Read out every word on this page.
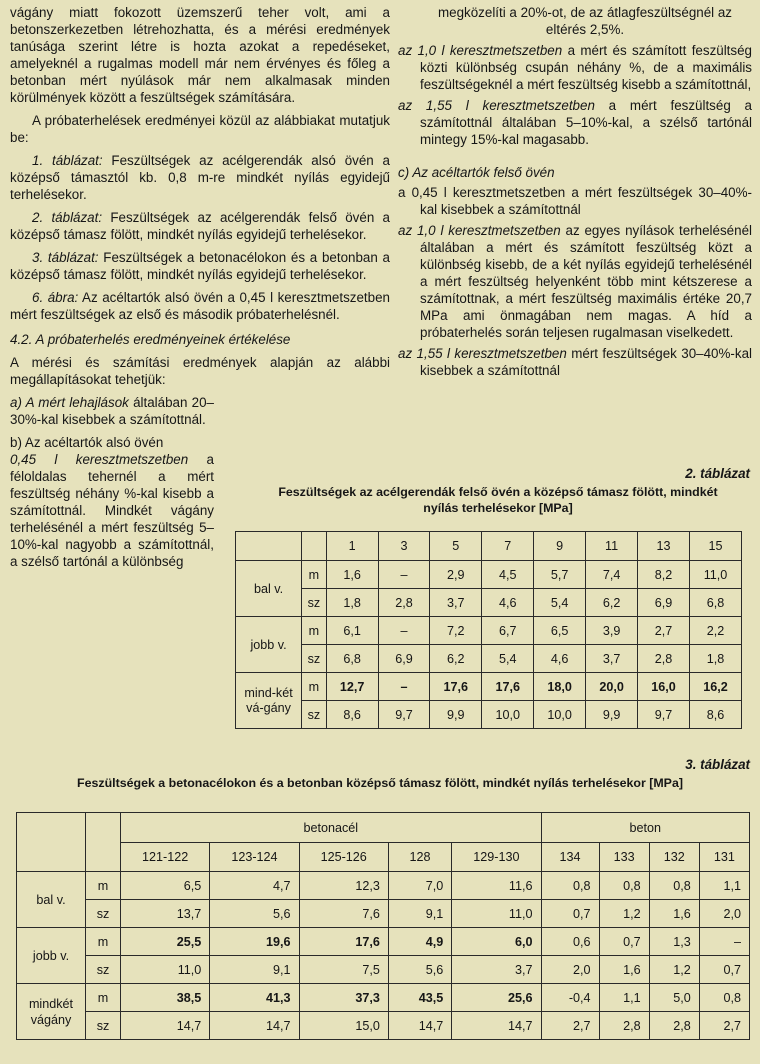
vágány miatt fokozott üzemszerű teher volt, ami a betonszerkezetben létrehozhatta, és a mérési eredmények tanúsága szerint létre is hozta azokat a repedéseket, amelyeknél a rugalmas modell már nem érvényes és főleg a betonban mért nyúlások már nem alkalmasak minden körülmények között a feszültségek számítására.

A próbaterhelések eredményei közül az alábbiakat mutatjuk be:

1. táblázat: Feszültségek az acélgerendák alsó övén a középső támasztól kb. 0,8 m-re mindkét nyílás egyidejű terhelésekor.

2. táblázat: Feszültségek az acélgerendák felső övén a középső támasz fölött, mindkét nyílás egyidejű terhelésekor.

3. táblázat: Feszültségek a betonacélokon és a betonban a középső támasz fölött, mindkét nyílás egyidejű terhelésekor.

6. ábra: Az acéltartók alsó övén a 0,45 l keresztmetszetben mért feszültségek az első és második próbaterhelésnél.

4.2. A próbaterhelés eredményeinek értékelése

A mérési és számítási eredmények alapján az alábbi megállapításokat tehetjük:

a) A mért lehajlások általában 20–30%-kal kisebbek a számítottnál.

b) Az acéltartók alsó övén

0,45 l keresztmetszetben a féloldalas tehernél a mért feszültség néhány %-kal kisebb a számítottnál. Mindkét vágány terhelésénél a mért feszültség 5–10%-kal nagyobb a számítottnál, a szélső tartónál a különbség

megközelíti a 20%-ot, de az átlagfeszültségnél az eltérés 2,5%.

az 1,0 l keresztmetszetben a mért és számított feszültség közti különbség csupán néhány %, de a maximális feszültségeknél a mért feszültség kisebb a számítottnál,

az 1,55 l keresztmetszetben a mért feszültség a számítottnál általában 5–10%-kal, a szélső tartónál mintegy 15%-kal magasabb.

c) Az acéltartók felső övén

a 0,45 l keresztmetszetben a mért feszültségek 30–40%-kal kisebbek a számítottnál

az 1,0 l keresztmetszetben az egyes nyílások terhelésénél általában a mért és számított feszültség közt a különbség kisebb, de a két nyílás egyidejű terhelésénél a mért feszültség helyenként több mint kétszerese a számítottnak, a mért feszültség maximális értéke 20,7 MPa ami önmagában nem magas. A híd a próbaterhelés során teljesen rugalmasan viselkedett.

az 1,55 l keresztmetszetben mért feszültségek 30–40%-kal kisebbek a számítottnál

2. táblázat
Feszültségek az acélgerendák felső övén a középső támasz fölött, mindkét nyílás terhelésekor [MPa]
		1	3	5	7	9	11	13	15
bal v.	m	1,6	–	2,9	4,5	5,7	7,4	8,2	11,0
	sz	1,8	2,8	3,7	4,6	5,4	6,2	6,9	6,8
jobb v.	m	6,1	–	7,2	6,7	6,5	3,9	2,7	2,2
	sz	6,8	6,9	6,2	5,4	4,6	3,7	2,8	1,8
mind-két vá-gány	m	12,7	–	17,6	17,6	18,0	20,0	16,0	16,2
	sz	8,6	9,7	9,9	10,0	10,0	9,9	9,7	8,6
3. táblázat
Feszültségek a betonacélokon és a betonban középső támasz fölött, mindkét nyílás terhelésekor [MPa]
		betonacél					beton			
		121-122	123-124	125-126	128	129-130	134	133	132	131
bal v.	m	6,5	4,7	12,3	7,0	11,6	0,8	0,8	0,8	1,1
	sz	13,7	5,6	7,6	9,1	11,0	0,7	1,2	1,6	2,0
jobb v.	m	25,5	19,6	17,6	4,9	6,0	0,6	0,7	1,3	–
	sz	11,0	9,1	7,5	5,6	3,7	2,0	1,6	1,2	0,7
mindkét vágány	m	38,5	41,3	37,3	43,5	25,6	-0,4	1,1	5,0	0,8
	sz	14,7	14,7	15,0	14,7	14,7	2,7	2,8	2,8	2,7
